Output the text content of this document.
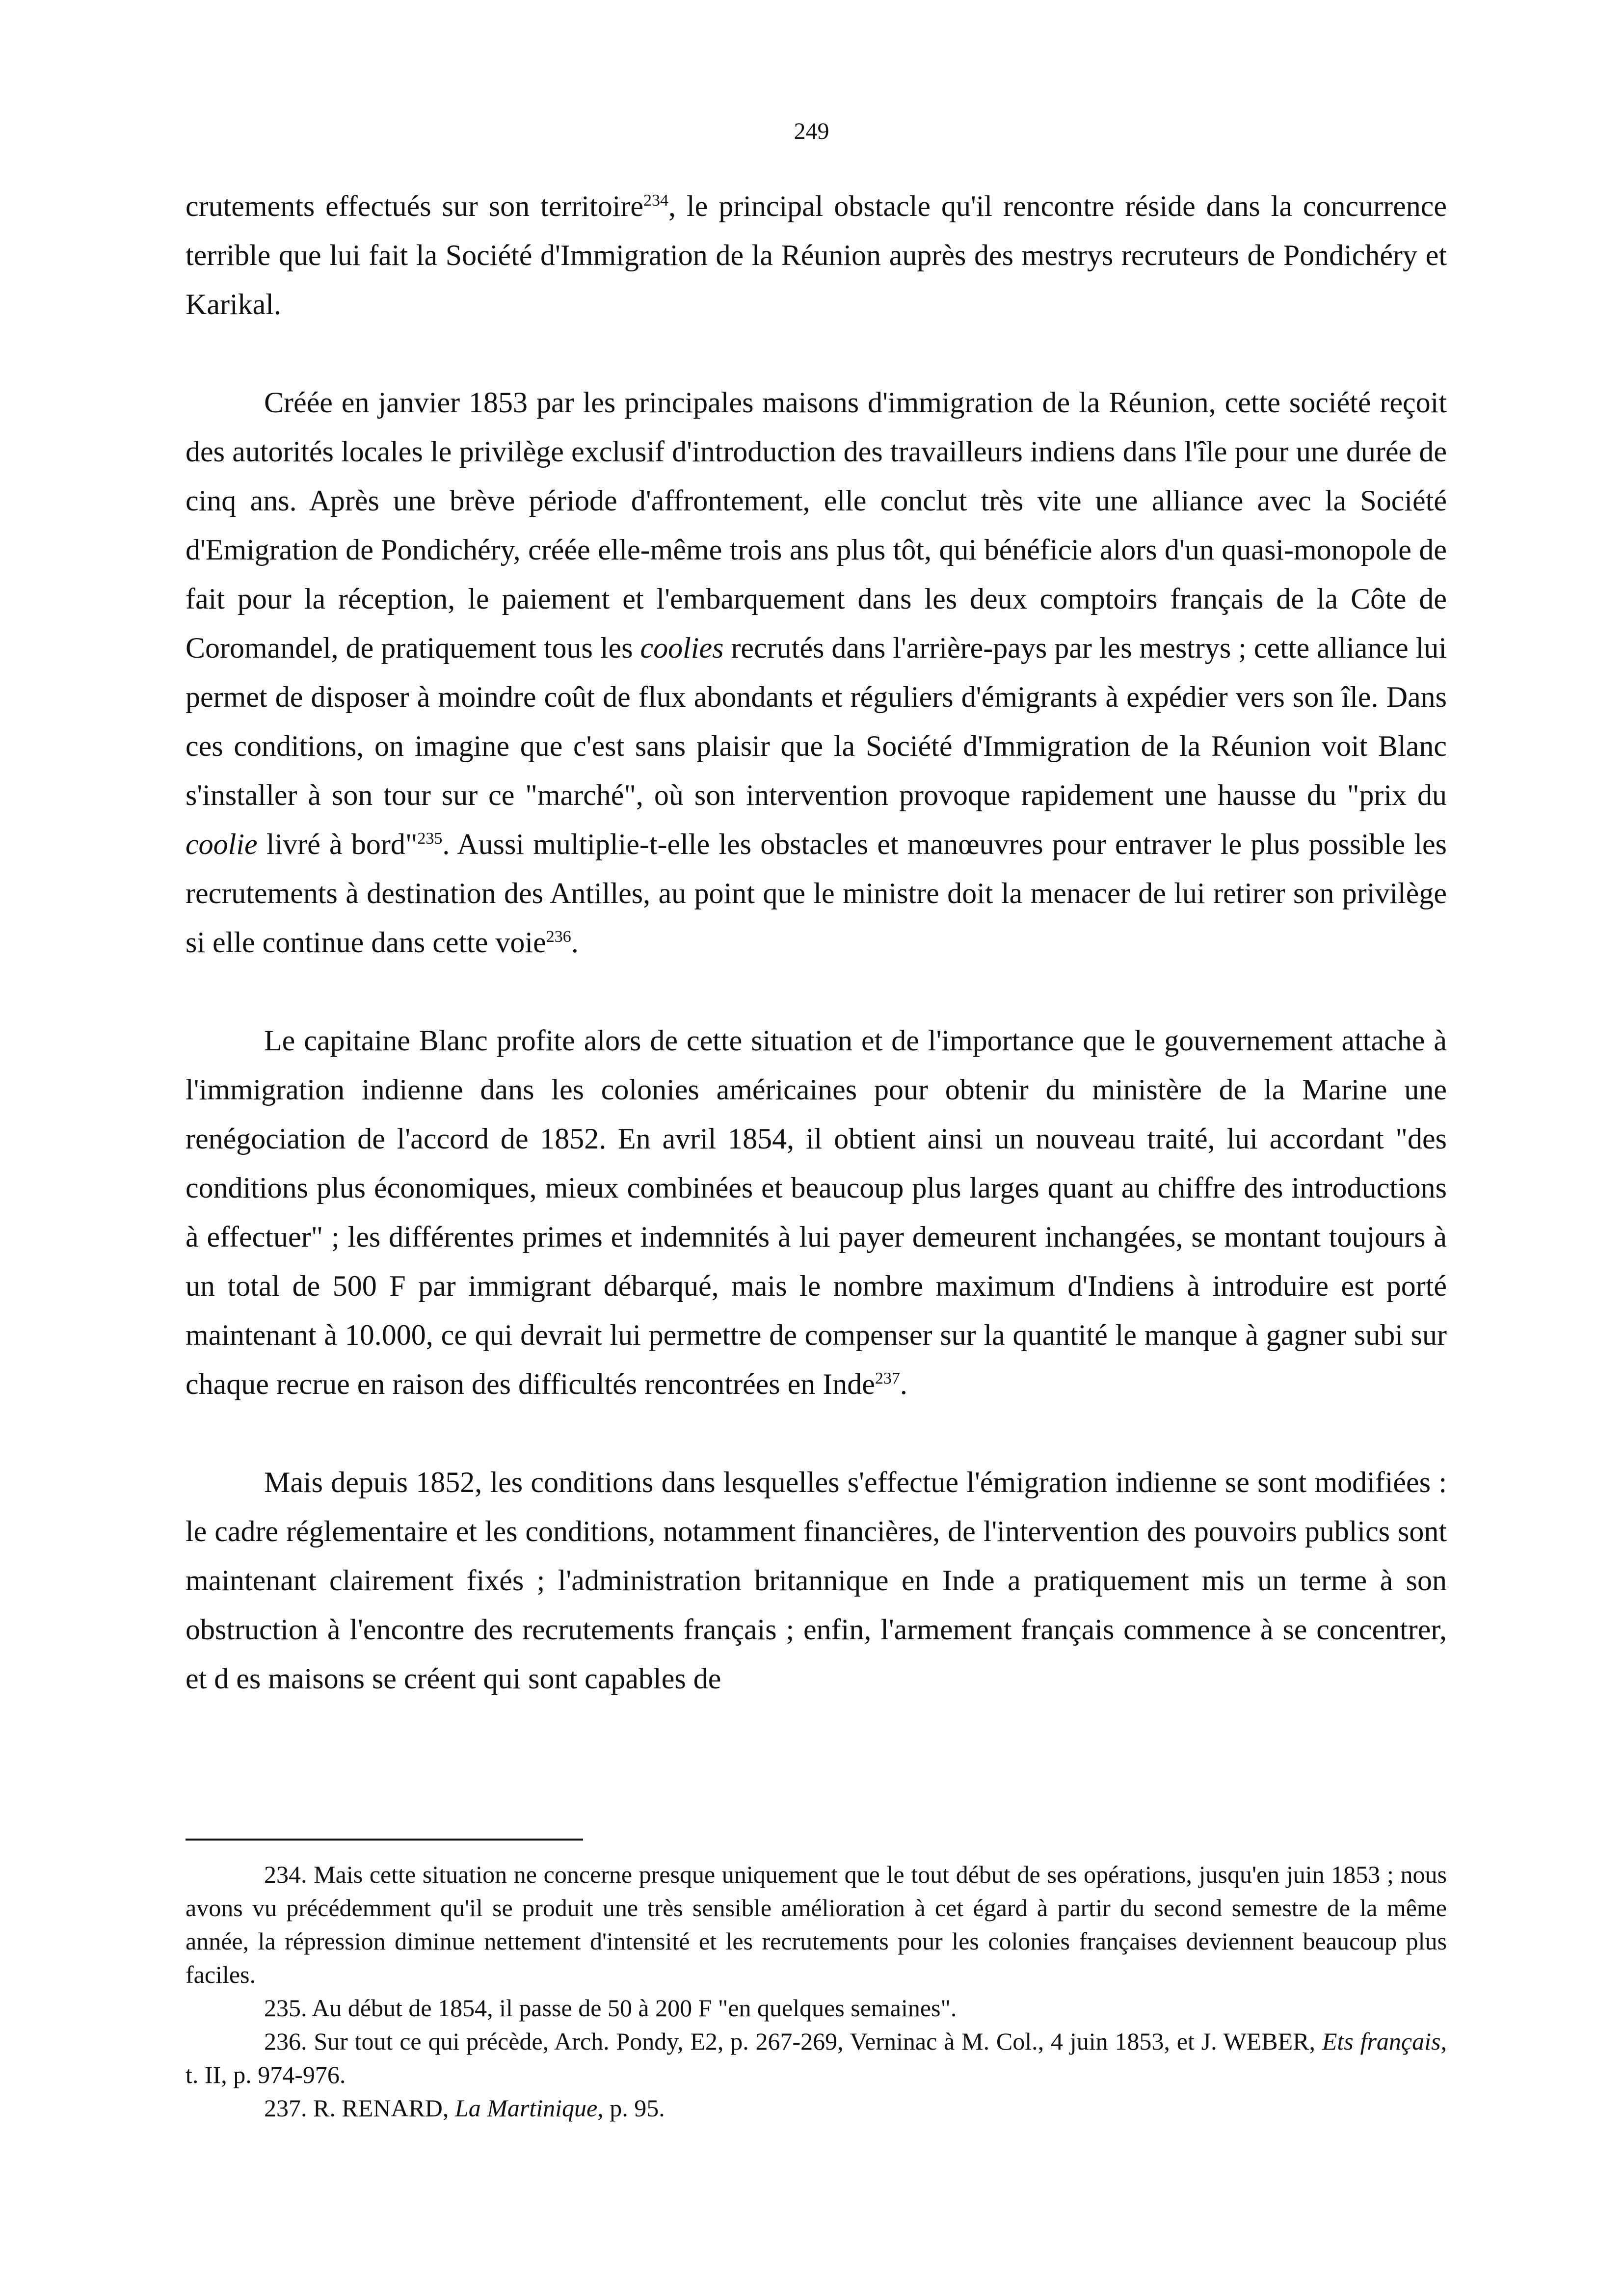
249

crutements effectués sur son territoire$^{234}$, le principal obstacle qu'il rencontre réside dans la concurrence terrible que lui fait la Société d'Immigration de la Réunion auprès des mestrys recruteurs de Pondichéry et Karikal.

Créée en janvier 1853 par les principales maisons d'immigration de la Réunion, cette société reçoit des autorités locales le privilège exclusif d'introduction des travailleurs indiens dans l'île pour une durée de cinq ans. Après une brève période d'affrontement, elle conclut très vite une alliance avec la Société d'Emigration de Pondichéry, créée elle-même trois ans plus tôt, qui bénéficie alors d'un quasi-monopole de fait pour la réception, le paiement et l'embarquement dans les deux comptoirs français de la Côte de Coromandel, de pratiquement tous les coolies recrutés dans l'arrière-pays par les mestrys ; cette alliance lui permet de disposer à moindre coût de flux abondants et réguliers d'émigrants à expédier vers son île. Dans ces conditions, on imagine que c'est sans plaisir que la Société d'Immigration de la Réunion voit Blanc s'installer à son tour sur ce "marché", où son intervention provoque rapidement une hausse du "prix du coolie livré à bord"$^{235}$. Aussi multiplie-t-elle les obstacles et manœuvres pour entraver le plus possible les recrutements à destination des Antilles, au point que le ministre doit la menacer de lui retirer son privilège si elle continue dans cette voie$^{236}$.

Le capitaine Blanc profite alors de cette situation et de l'importance que le gouvernement attache à l'immigration indienne dans les colonies américaines pour obtenir du ministère de la Marine une renégociation de l'accord de 1852. En avril 1854, il obtient ainsi un nouveau traité, lui accordant "des conditions plus économiques, mieux combinées et beaucoup plus larges quant au chiffre des introductions à effectuer" ; les différentes primes et indemnités à lui payer demeurent inchangées, se montant toujours à un total de 500 F par immigrant débarqué, mais le nombre maximum d'Indiens à introduire est porté maintenant à 10.000, ce qui devrait lui permettre de compenser sur la quantité le manque à gagner subi sur chaque recrue en raison des difficultés rencontrées en Inde$^{237}$.

Mais depuis 1852, les conditions dans lesquelles s'effectue l'émigration indienne se sont modifiées : le cadre réglementaire et les conditions, notamment financières, de l'intervention des pouvoirs publics sont maintenant clairement fixés ; l'administration britannique en Inde a pratiquement mis un terme à son obstruction à l'encontre des recrutements français ; enfin, l'armement français commence à se concentrer, et d es maisons se créent qui sont capables de

234. Mais cette situation ne concerne presque uniquement que le tout début de ses opérations, jusqu'en juin 1853 ; nous avons vu précédemment qu'il se produit une très sensible amélioration à cet égard à partir du second semestre de la même année, la répression diminue nettement d'intensité et les recrutements pour les colonies françaises deviennent beaucoup plus faciles.

235. Au début de 1854, il passe de 50 à 200 F "en quelques semaines".

236. Sur tout ce qui précède, Arch. Pondy, E2, p. 267-269, Verninac à M. Col., 4 juin 1853, et J. WEBER, Ets français, t. II, p. 974-976.

237. R. RENARD, La Martinique, p. 95.
